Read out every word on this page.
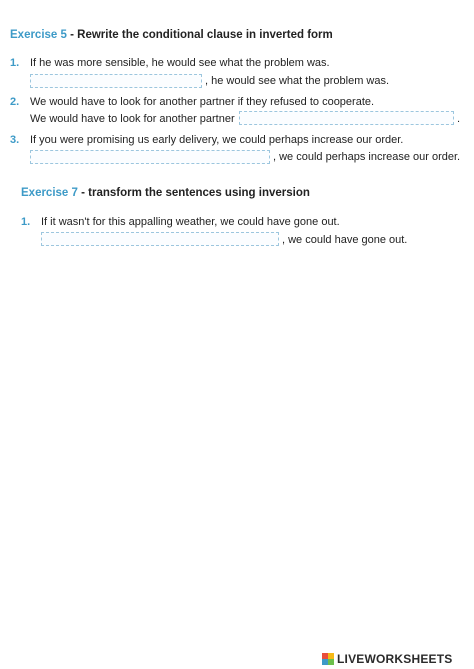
Exercise 5 - Rewrite the conditional clause in inverted form
1. If he was more sensible, he would see what the problem was.
, he would see what the problem was.
2. We would have to look for another partner if they refused to cooperate.
We would have to look for another partner	.
3. If you were promising us early delivery, we could perhaps increase our order.
, we could perhaps increase our order.
Exercise 7 - transform the sentences using inversion
1. If it wasn't for this appalling weather, we could have gone out.
, we could have gone out.
LIVEWORKSHEETS
